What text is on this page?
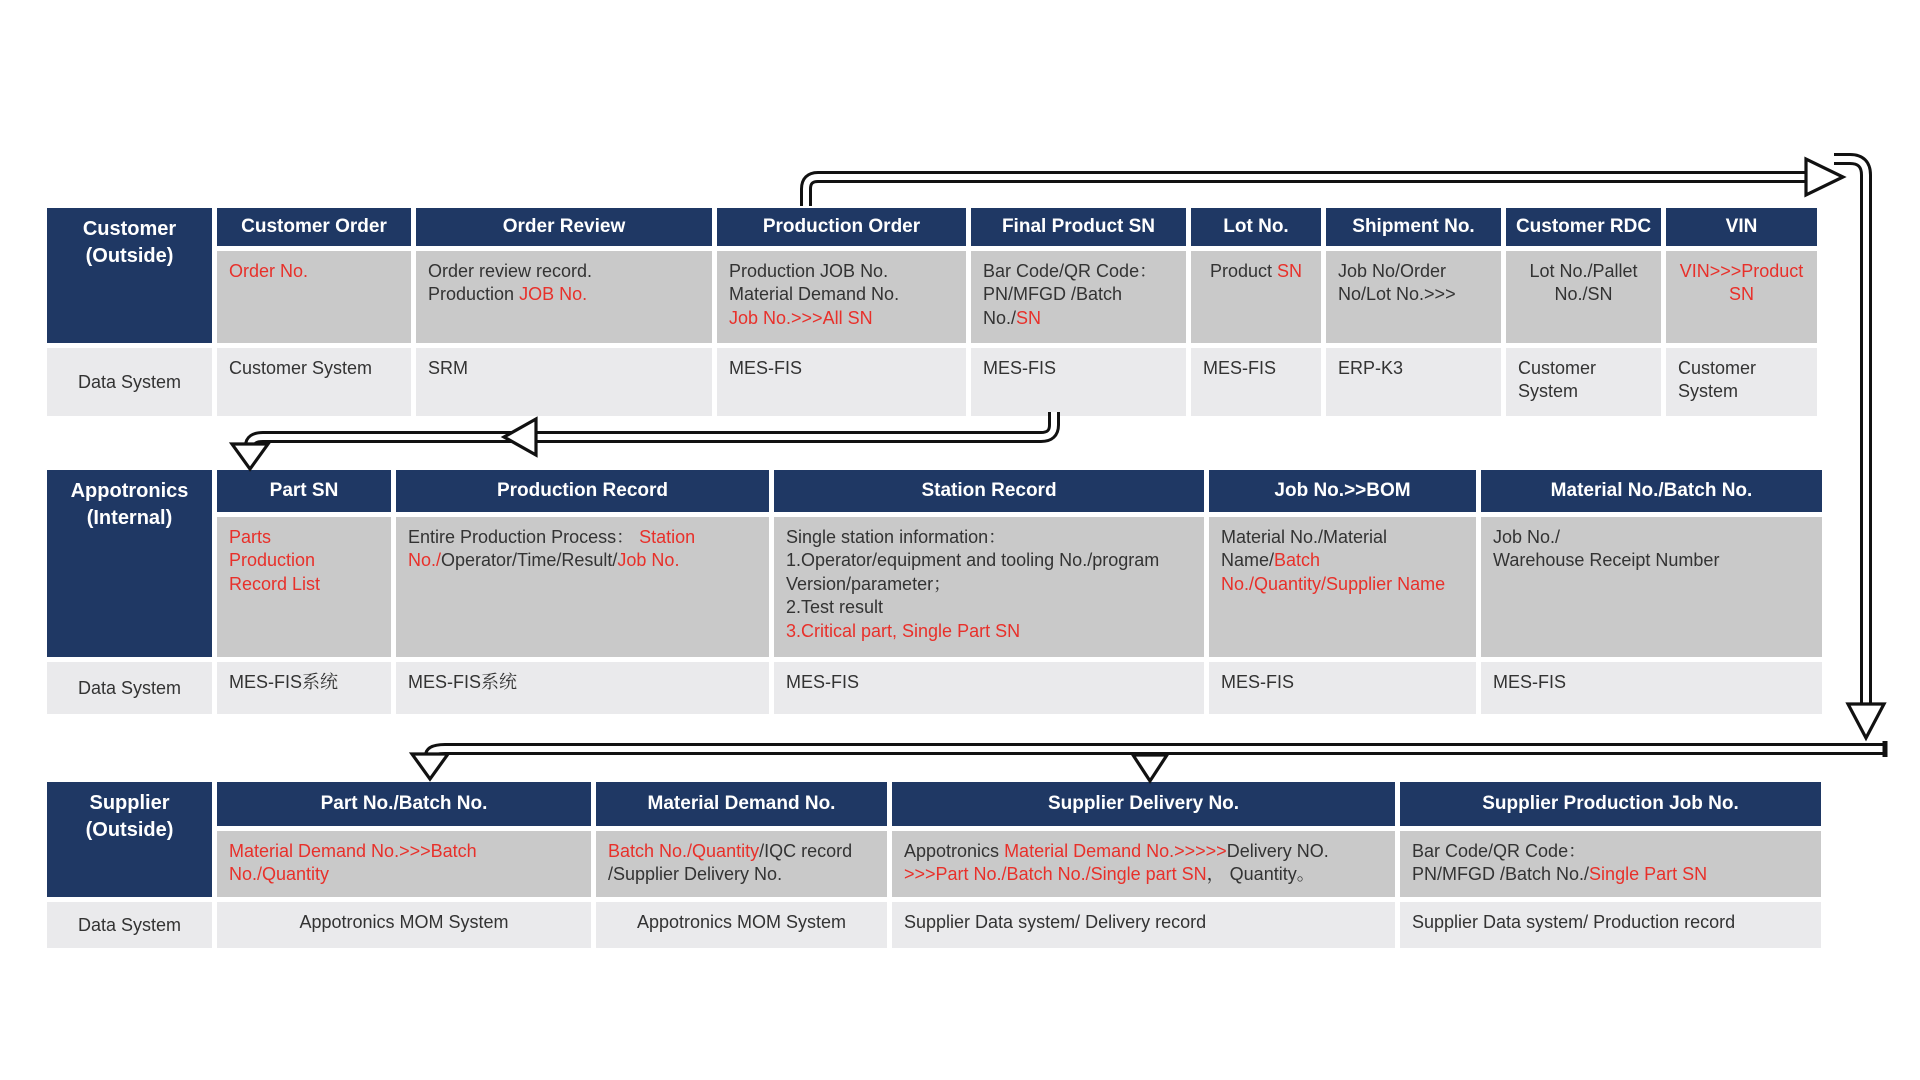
Customer
(Outside)
Data System
Customer Order
Order No.
Customer System
Order Review
Order review record.
Production JOB No.
SRM
Production Order
Production JOB No.
Material Demand No.
Job No.>>>All SN
MES-FIS
Final Product SN
Bar Code/QR Code：
PN/MFGD /Batch No./SN
MES-FIS
Lot No.
Product SN
MES-FIS
Shipment No.
Job No/Order No/Lot No.>>>
ERP-K3
Customer RDC
Lot No./Pallet No./SN
Customer System
VIN
VIN>>>Product SN
Customer System
Appotronics
(Internal)
Data System
Part SN
Parts
Production
Record List
MES-FIS系统
Production Record
Entire Production Process： Station No./Operator/Time/Result/Job No.
MES-FIS系统
Station Record
Single station information：
1.Operator/equipment and tooling No./program Version/parameter；
2.Test result
3.Critical part, Single Part SN
MES-FIS
Job No.>>BOM
Material No./Material Name/Batch No./Quantity/Supplier Name
MES-FIS
Material No./Batch No.
Job No./
Warehouse Receipt Number
MES-FIS
Supplier
(Outside)
Data System
Part No./Batch No.
Material Demand No.>>>Batch No./Quantity
Appotronics MOM System
Material Demand No.
Batch No./Quantity/IQC record /Supplier Delivery No.
Appotronics MOM System
Supplier Delivery No.
Appotronics Material Demand No.>>>>>Delivery NO.
>>>Part No./Batch No./Single part SN， Quantity。
Supplier Data system/ Delivery record
Supplier Production Job No.
Bar Code/QR Code：
PN/MFGD /Batch No./Single Part SN
Supplier Data system/ Production record
